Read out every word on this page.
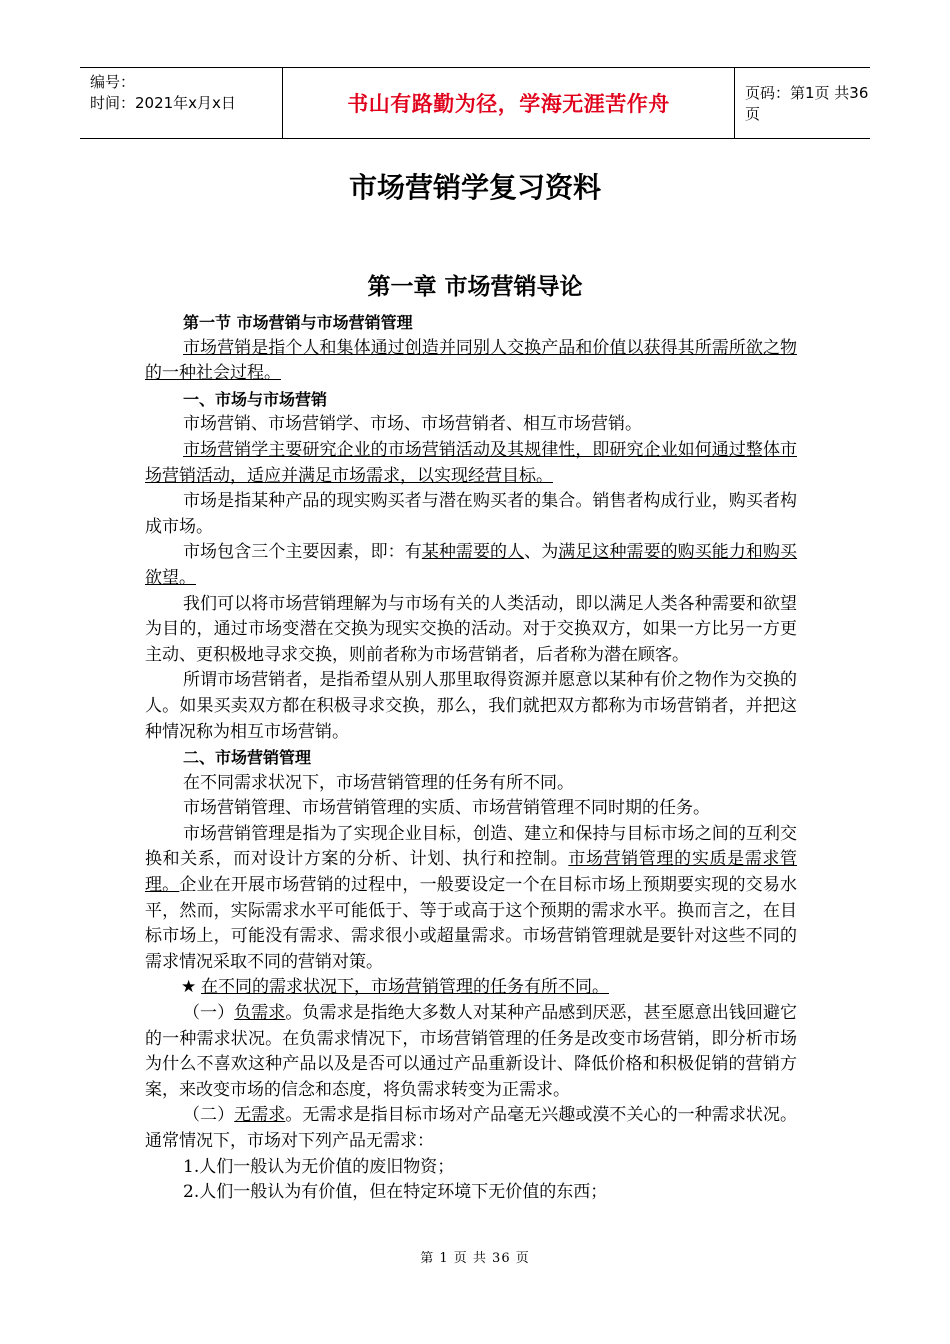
编号：
时间：2021年x月x日	书山有路勤为径，学海无涯苦作舟	页码：第1页 共36页
市场营销学复习资料
第一章 市场营销导论

第一节 市场营销与市场营销管理

市场营销是指个人和集体通过创造并同别人交换产品和价值以获得其所需所欲之物的一种社会过程。

一、市场与市场营销

市场营销、市场营销学、市场、市场营销者、相互市场营销。

市场营销学主要研究企业的市场营销活动及其规律性，即研究企业如何通过整体市场营销活动，适应并满足市场需求，以实现经营目标。

市场是指某种产品的现实购买者与潜在购买者的集合。销售者构成行业，购买者构成市场。

市场包含三个主要因素，即：有某种需要的人、为满足这种需要的购买能力和购买欲望。

我们可以将市场营销理解为与市场有关的人类活动，即以满足人类各种需要和欲望为目的，通过市场变潜在交换为现实交换的活动。对于交换双方，如果一方比另一方更主动、更积极地寻求交换，则前者称为市场营销者，后者称为潜在顾客。

所谓市场营销者，是指希望从别人那里取得资源并愿意以某种有价之物作为交换的人。如果买卖双方都在积极寻求交换，那么，我们就把双方都称为市场营销者，并把这种情况称为相互市场营销。

二、市场营销管理

在不同需求状况下，市场营销管理的任务有所不同。

市场营销管理、市场营销管理的实质、市场营销管理不同时期的任务。

市场营销管理是指为了实现企业目标，创造、建立和保持与目标市场之间的互利交换和关系，而对设计方案的分析、计划、执行和控制。市场营销管理的实质是需求管理。企业在开展市场营销的过程中，一般要设定一个在目标市场上预期要实现的交易水平，然而，实际需求水平可能低于、等于或高于这个预期的需求水平。换而言之，在目标市场上，可能没有需求、需求很小或超量需求。市场营销管理就是要针对这些不同的需求情况采取不同的营销对策。

★ 在不同的需求状况下，市场营销管理的任务有所不同。

（一）负需求。负需求是指绝大多数人对某种产品感到厌恶，甚至愿意出钱回避它的一种需求状况。在负需求情况下，市场营销管理的任务是改变市场营销，即分析市场为什么不喜欢这种产品以及是否可以通过产品重新设计、降低价格和积极促销的营销方案，来改变市场的信念和态度，将负需求转变为正需求。

（二）无需求。无需求是指目标市场对产品毫无兴趣或漠不关心的一种需求状况。通常情况下，市场对下列产品无需求：

1.人们一般认为无价值的废旧物资；

2.人们一般认为有价值，但在特定环境下无价值的东西；

第 1 页 共 36 页
